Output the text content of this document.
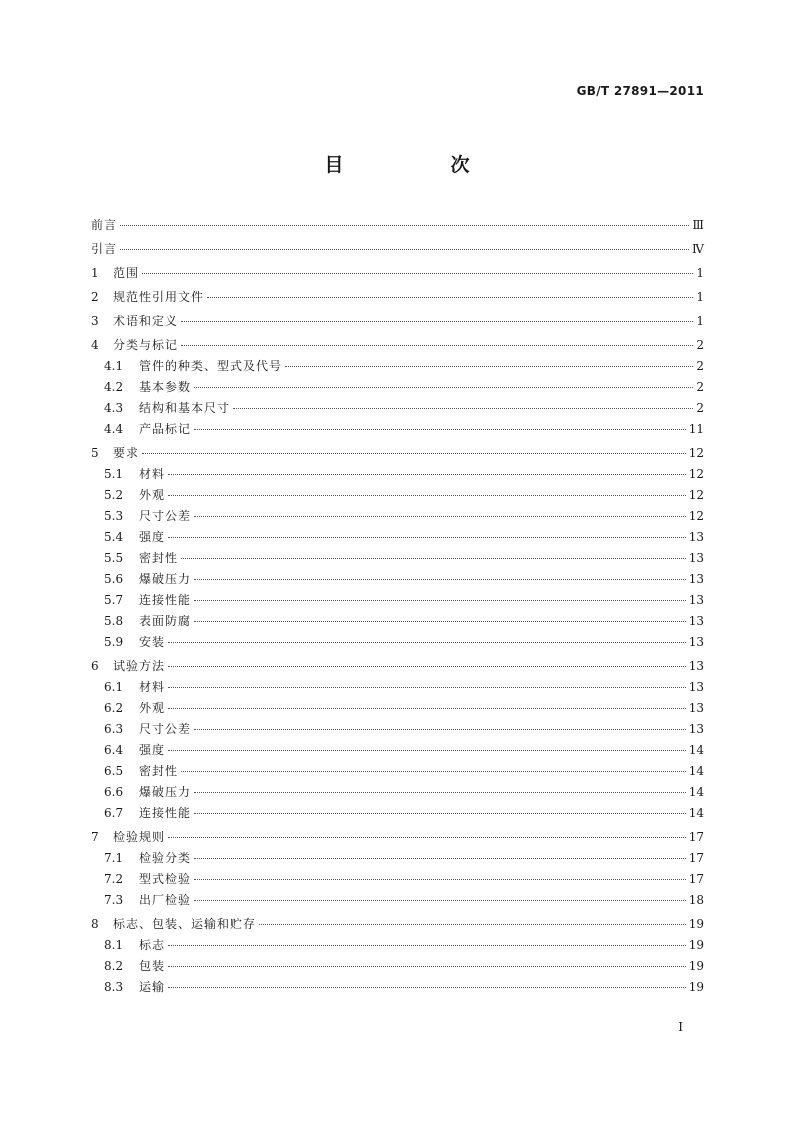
GB/T 27891—2011
目　次
前言	Ⅲ
引言	Ⅳ
1	范围	1
2	规范性引用文件	1
3	术语和定义	1
4	分类与标记	2
4.1	管件的种类、型式及代号	2
4.2	基本参数	2
4.3	结构和基本尺寸	2
4.4	产品标记	11
5	要求	12
5.1	材料	12
5.2	外观	12
5.3	尺寸公差	12
5.4	强度	13
5.5	密封性	13
5.6	爆破压力	13
5.7	连接性能	13
5.8	表面防腐	13
5.9	安装	13
6	试验方法	13
6.1	材料	13
6.2	外观	13
6.3	尺寸公差	13
6.4	强度	14
6.5	密封性	14
6.6	爆破压力	14
6.7	连接性能	14
7	检验规则	17
7.1	检验分类	17
7.2	型式检验	17
7.3	出厂检验	18
8	标志、包装、运输和贮存	19
8.1	标志	19
8.2	包装	19
8.3	运输	19
Ⅰ
